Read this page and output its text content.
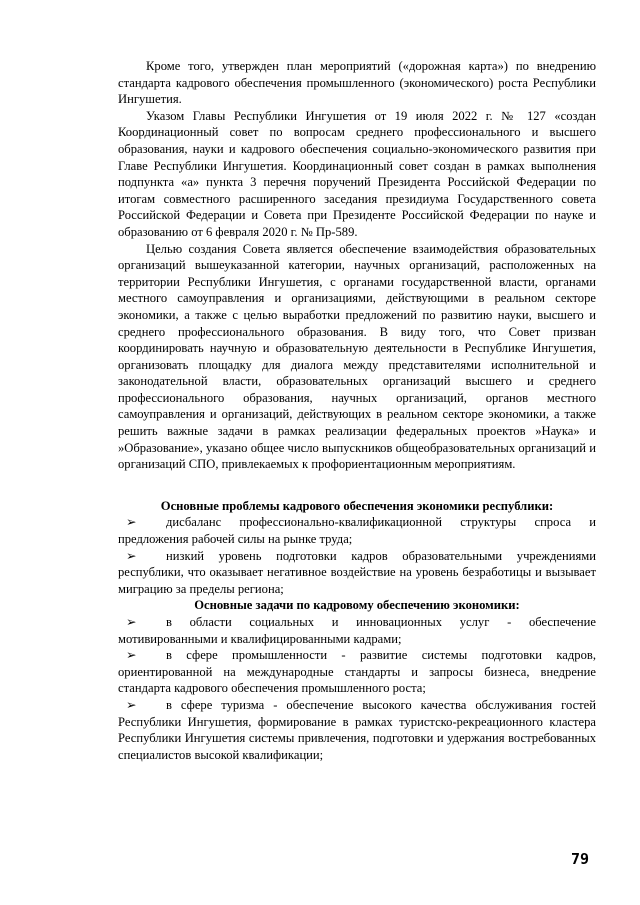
Кроме того, утвержден план мероприятий («дорожная карта») по внедрению стандарта кадрового обеспечения промышленного (экономического) роста Республики Ингушетия.

Указом Главы Республики Ингушетия от 19 июля 2022 г. № 127 «создан Координационный совет по вопросам среднего профессионального и высшего образования, науки и кадрового обеспечения социально-экономического развития при Главе Республики Ингушетия. Координационный совет создан в рамках выполнения подпункта «а» пункта 3 перечня поручений Президента Российской Федерации по итогам совместного расширенного заседания президиума Государственного совета Российской Федерации и Совета при Президенте Российской Федерации по науке и образованию от 6 февраля 2020 г. № Пр-589.

Целью создания Совета является обеспечение взаимодействия образовательных организаций вышеуказанной категории, научных организаций, расположенных на территории Республики Ингушетия, с органами государственной власти, органами местного самоуправления и организациями, действующими в реальном секторе экономики, а также с целью выработки предложений по развитию науки, высшего и среднего профессионального образования. В виду того, что Совет призван координировать научную и образовательную деятельности в Республике Ингушетия, организовать площадку для диалога между представителями исполнительной и законодательной власти, образовательных организаций высшего и среднего профессионального образования, научных организаций, органов местного самоуправления и организаций, действующих в реальном секторе экономики, а также решить важные задачи в рамках реализации федеральных проектов »Наука» и »Образование», указано общее число выпускников общеобразовательных организаций и организаций СПО, привлекаемых к профориентационным мероприятиям.

Основные проблемы кадрового обеспечения экономики республики:
➢ дисбаланс профессионально-квалификационной структуры спроса и предложения рабочей силы на рынке труда;
➢ низкий уровень подготовки кадров образовательными учреждениями республики, что оказывает негативное воздействие на уровень безработицы и вызывает миграцию за пределы региона;
Основные задачи по кадровому обеспечению экономики:
➢ в области социальных и инновационных услуг - обеспечение мотивированными и квалифицированными кадрами;
➢ в сфере промышленности - развитие системы подготовки кадров, ориентированной на международные стандарты и запросы бизнеса, внедрение стандарта кадрового обеспечения промышленного роста;
➢ в сфере туризма - обеспечение высокого качества обслуживания гостей Республики Ингушетия, формирование в рамках туристско-рекреационного кластера Республики Ингушетия системы привлечения, подготовки и удержания востребованных специалистов высокой квалификации;
79
